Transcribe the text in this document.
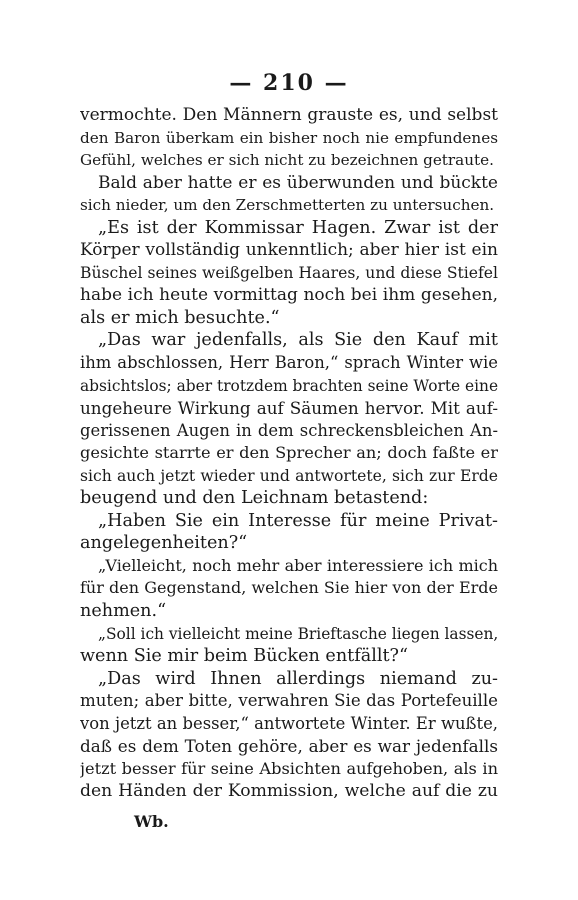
— 210 —
vermochte. Den Männern grauste es, und selbst
den Baron überkam ein bisher noch nie empfundenes
Gefühl, welches er sich nicht zu bezeichnen getraute.
Bald aber hatte er es überwunden und bückte
sich nieder, um den Zerschmetterten zu untersuchen.
„Es ist der Kommissar Hagen. Zwar ist der
Körper vollständig unkenntlich; aber hier ist ein
Büschel seines weißgelben Haares, und diese Stiefel
habe ich heute vormittag noch bei ihm gesehen,
als er mich besuchte.“
„Das war jedenfalls, als Sie den Kauf mit
ihm abschlossen, Herr Baron,“ sprach Winter wie
absichtslos; aber trotzdem brachten seine Worte eine
ungeheure Wirkung auf Säumen hervor. Mit auf-
gerissenen Augen in dem schreckensbleichen An-
gesichte starrte er den Sprecher an; doch faßte er
sich auch jetzt wieder und antwortete, sich zur Erde
beugend und den Leichnam betastend:
„Haben Sie ein Interesse für meine Privat-
angelegenheiten?“
„Vielleicht, noch mehr aber interessiere ich mich
für den Gegenstand, welchen Sie hier von der Erde
nehmen.“
„Soll ich vielleicht meine Brieftasche liegen lassen,
wenn Sie mir beim Bücken entfällt?“
„Das wird Ihnen allerdings niemand zu-
muten; aber bitte, verwahren Sie das Portefeuille
von jetzt an besser,“ antwortete Winter. Er wußte,
daß es dem Toten gehöre, aber es war jedenfalls
jetzt besser für seine Absichten aufgehoben, als in
den Händen der Kommission, welche auf die zu
Wb.
